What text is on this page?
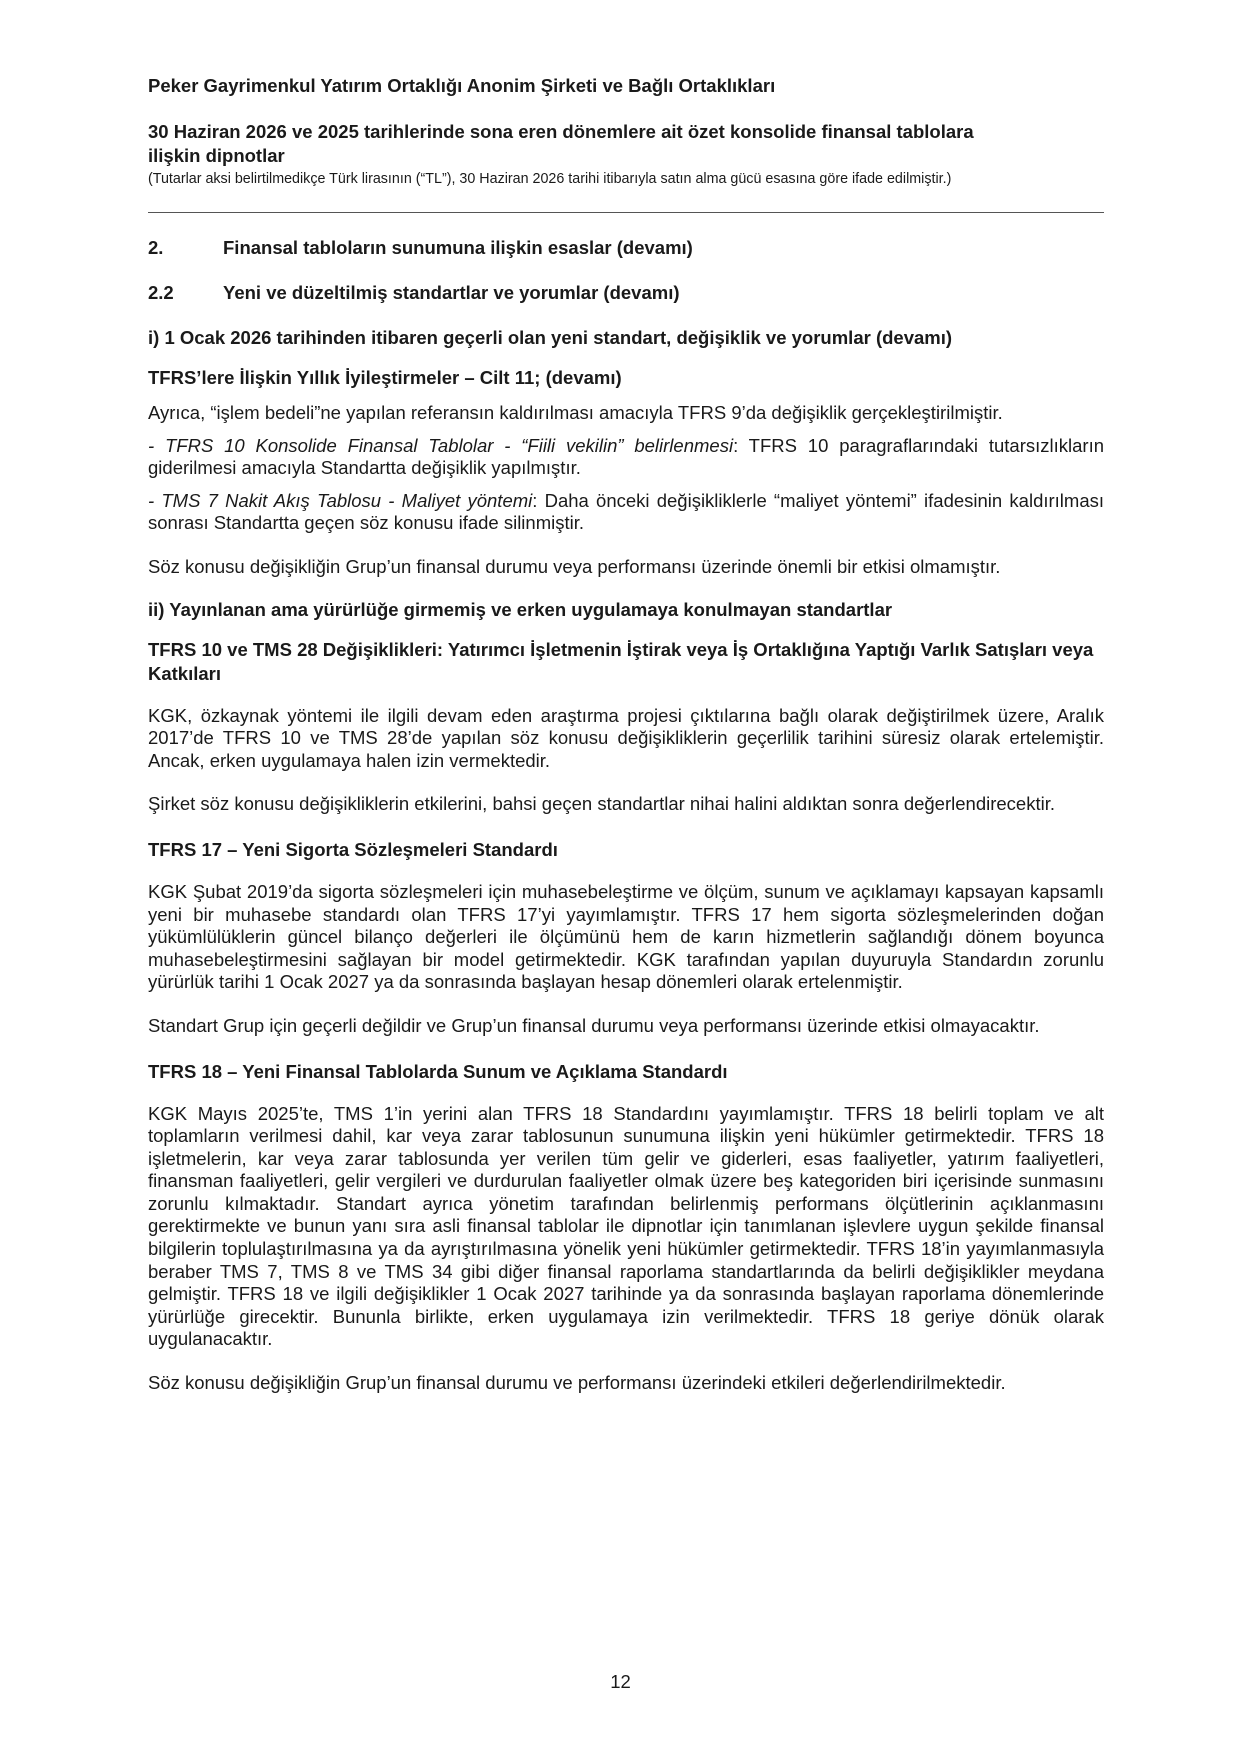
Peker Gayrimenkul Yatırım Ortaklığı Anonim Şirketi ve Bağlı Ortaklıkları

30 Haziran 2026 ve 2025 tarihlerinde sona eren dönemlere ait özet konsolide finansal tablolara

ilişkin dipnotlar

(Tutarlar aksi belirtilmedikçe Türk lirasının (“TL”), 30 Haziran 2026 tarihi itibarıyla satın alma gücü esasına göre ifade edilmiştir.)

2.	Finansal tabloların sunumuna ilişkin esaslar (devamı)
2.2	Yeni ve düzeltilmiş standartlar ve yorumlar (devamı)

i) 1 Ocak 2026 tarihinden itibaren geçerli olan yeni standart, değişiklik ve yorumlar (devamı)

TFRS’lere İlişkin Yıllık İyileştirmeler – Cilt 11; (devamı)

Ayrıca, “işlem bedeli”ne yapılan referansın kaldırılması amacıyla TFRS 9’da değişiklik gerçekleştirilmiştir.

- TFRS 10 Konsolide Finansal Tablolar - “Fiili vekilin” belirlenmesi: TFRS 10 paragraflarındaki tutarsızlıkların giderilmesi amacıyla Standartta değişiklik yapılmıştır.

- TMS 7 Nakit Akış Tablosu - Maliyet yöntemi: Daha önceki değişikliklerle “maliyet yöntemi” ifadesinin kaldırılması sonrası Standartta geçen söz konusu ifade silinmiştir.

Söz konusu değişikliğin Grup’un finansal durumu veya performansı üzerinde önemli bir etkisi olmamıştır.

ii) Yayınlanan ama yürürlüğe girmemiş ve erken uygulamaya konulmayan standartlar

TFRS 10 ve TMS 28 Değişiklikleri: Yatırımcı İşletmenin İştirak veya İş Ortaklığına Yaptığı Varlık Satışları veya Katkıları

KGK, özkaynak yöntemi ile ilgili devam eden araştırma projesi çıktılarına bağlı olarak değiştirilmek üzere, Aralık 2017’de TFRS 10 ve TMS 28’de yapılan söz konusu değişikliklerin geçerlilik tarihini süresiz olarak ertelemiştir. Ancak, erken uygulamaya halen izin vermektedir.

Şirket söz konusu değişikliklerin etkilerini, bahsi geçen standartlar nihai halini aldıktan sonra değerlendirecektir.

TFRS 17 – Yeni Sigorta Sözleşmeleri Standardı

KGK Şubat 2019’da sigorta sözleşmeleri için muhasebeleştirme ve ölçüm, sunum ve açıklamayı kapsayan kapsamlı yeni bir muhasebe standardı olan TFRS 17’yi yayımlamıştır. TFRS 17 hem sigorta sözleşmelerinden doğan yükümlülüklerin güncel bilanço değerleri ile ölçümünü hem de karın hizmetlerin sağlandığı dönem boyunca muhasebeleştirmesini sağlayan bir model getirmektedir. KGK tarafından yapılan duyuruyla Standardın zorunlu yürürlük tarihi 1 Ocak 2027 ya da sonrasında başlayan hesap dönemleri olarak ertelenmiştir.

Standart Grup için geçerli değildir ve Grup’un finansal durumu veya performansı üzerinde etkisi olmayacaktır.

TFRS 18 – Yeni Finansal Tablolarda Sunum ve Açıklama Standardı

KGK Mayıs 2025’te, TMS 1’in yerini alan TFRS 18 Standardını yayımlamıştır. TFRS 18 belirli toplam ve alt toplamların verilmesi dahil, kar veya zarar tablosunun sunumuna ilişkin yeni hükümler getirmektedir. TFRS 18 işletmelerin, kar veya zarar tablosunda yer verilen tüm gelir ve giderleri, esas faaliyetler, yatırım faaliyetleri, finansman faaliyetleri, gelir vergileri ve durdurulan faaliyetler olmak üzere beş kategoriden biri içerisinde sunmasını zorunlu kılmaktadır. Standart ayrıca yönetim tarafından belirlenmiş performans ölçütlerinin açıklanmasını gerektirmekte ve bunun yanı sıra asli finansal tablolar ile dipnotlar için tanımlanan işlevlere uygun şekilde finansal bilgilerin toplulaştırılmasına ya da ayrıştırılmasına yönelik yeni hükümler getirmektedir. TFRS 18’in yayımlanmasıyla beraber TMS 7, TMS 8 ve TMS 34 gibi diğer finansal raporlama standartlarında da belirli değişiklikler meydana gelmiştir. TFRS 18 ve ilgili değişiklikler 1 Ocak 2027 tarihinde ya da sonrasında başlayan raporlama dönemlerinde yürürlüğe girecektir. Bununla birlikte, erken uygulamaya izin verilmektedir. TFRS 18 geriye dönük olarak uygulanacaktır.

Söz konusu değişikliğin Grup’un finansal durumu ve performansı üzerindeki etkileri değerlendirilmektedir.

12
